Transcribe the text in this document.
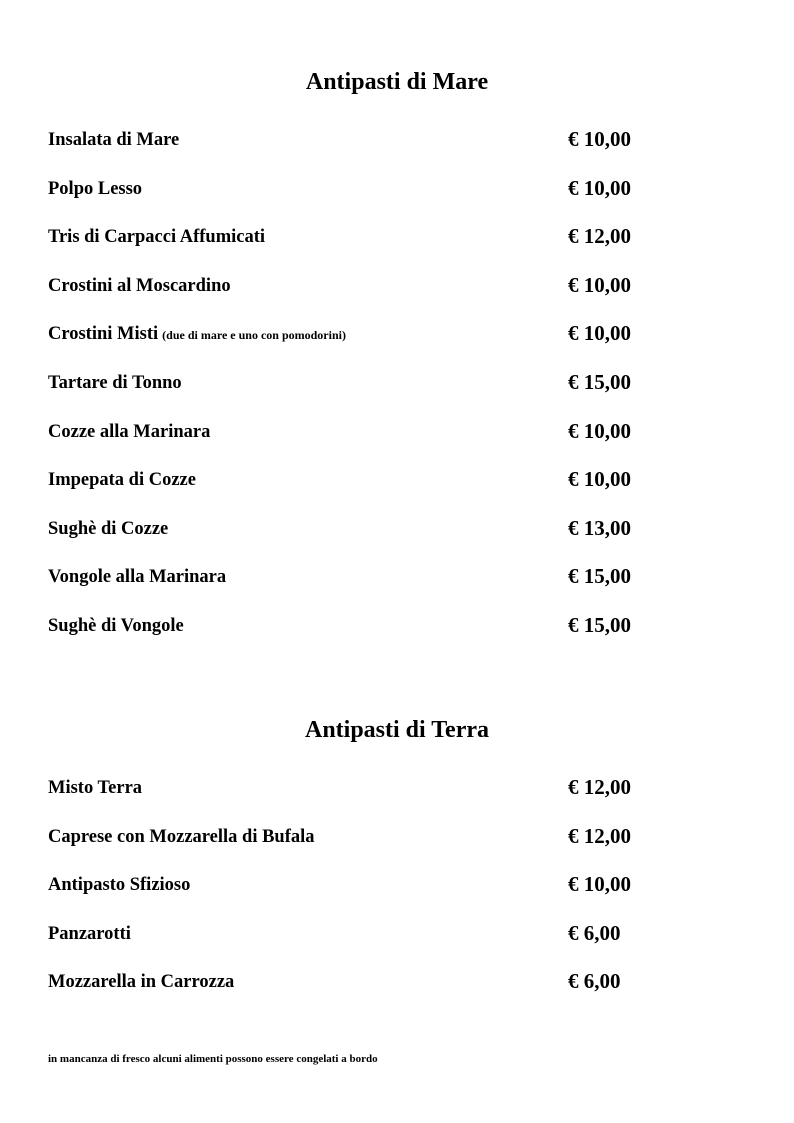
Antipasti di Mare
Insalata di Mare	€ 10,00
Polpo Lesso	€ 10,00
Tris di Carpacci Affumicati	€ 12,00
Crostini al Moscardino	€ 10,00
Crostini Misti (due di mare e uno con pomodorini)	€ 10,00
Tartare di Tonno	€ 15,00
Cozze alla Marinara	€ 10,00
Impepata di Cozze	€ 10,00
Sughè di Cozze	€ 13,00
Vongole alla Marinara	€ 15,00
Sughè di Vongole	€ 15,00
Antipasti di Terra
Misto Terra	€ 12,00
Caprese con Mozzarella di Bufala	€ 12,00
Antipasto Sfizioso	€ 10,00
Panzarotti	€ 6,00
Mozzarella in Carrozza	€ 6,00
in mancanza di fresco alcuni alimenti possono essere congelati a bordo
